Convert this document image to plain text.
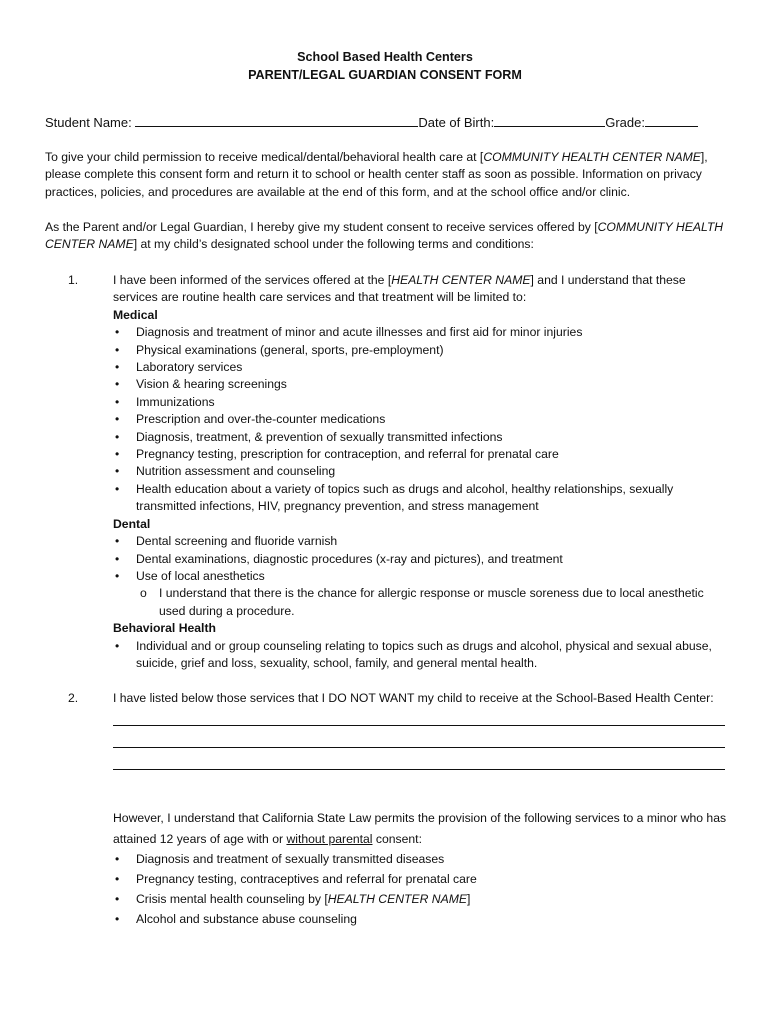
School Based Health Centers
PARENT/LEGAL GUARDIAN CONSENT FORM
Student Name:	Date of Birth:	Grade:
To give your child permission to receive medical/dental/behavioral health care at [COMMUNITY HEALTH CENTER NAME], please complete this consent form and return it to school or health center staff as soon as possible. Information on privacy practices, policies, and procedures are available at the end of this form, and at the school office and/or clinic.
As the Parent and/or Legal Guardian, I hereby give my student consent to receive services offered by [COMMUNITY HEALTH CENTER NAME] at my child’s designated school under the following terms and conditions:
1.	I have been informed of the services offered at the [HEALTH CENTER NAME] and I understand that these services are routine health care services and that treatment will be limited to:
Medical
• Diagnosis and treatment of minor and acute illnesses and first aid for minor injuries
• Physical examinations (general, sports, pre-employment)
• Laboratory services
• Vision & hearing screenings
• Immunizations
• Prescription and over-the-counter medications
• Diagnosis, treatment, & prevention of sexually transmitted infections
• Pregnancy testing, prescription for contraception, and referral for prenatal care
• Nutrition assessment and counseling
• Health education about a variety of topics such as drugs and alcohol, healthy relationships, sexually transmitted infections, HIV, pregnancy prevention, and stress management
Dental
• Dental screening and fluoride varnish
• Dental examinations, diagnostic procedures (x-ray and pictures), and treatment
• Use of local anesthetics
o I understand that there is the chance for allergic response or muscle soreness due to local anesthetic used during a procedure.
Behavioral Health
• Individual and or group counseling relating to topics such as drugs and alcohol, physical and sexual abuse, suicide, grief and loss, sexuality, school, family, and general mental health.
2.	I have listed below those services that I DO NOT WANT my child to receive at the School-Based Health Center:
However, I understand that California State Law permits the provision of the following services to a minor who has attained 12 years of age with or without parental consent:
• Diagnosis and treatment of sexually transmitted diseases
• Pregnancy testing, contraceptives and referral for prenatal care
• Crisis mental health counseling by [HEALTH CENTER NAME]
• Alcohol and substance abuse counseling
